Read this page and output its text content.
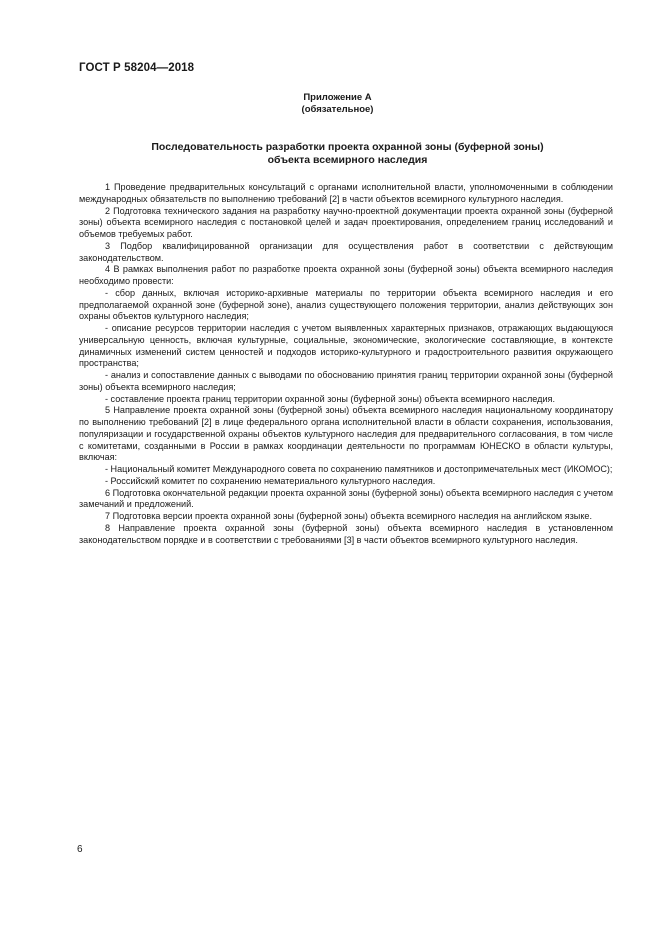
ГОСТ Р 58204—2018
Приложение А
(обязательное)
Последовательность разработки проекта охранной зоны (буферной зоны)
объекта всемирного наследия

1 Проведение предварительных консультаций с органами исполнительной власти, уполномоченными в соблюдении международных обязательств по выполнению требований [2] в части объектов всемирного культурного наследия.

2 Подготовка технического задания на разработку научно-проектной документации проекта охранной зоны (буферной зоны) объекта всемирного наследия с постановкой целей и задач проектирования, определением границ исследований и объемов требуемых работ.

3 Подбор квалифицированной организации для осуществления работ в соответствии с действующим законодательством.

4 В рамках выполнения работ по разработке проекта охранной зоны (буферной зоны) объекта всемирного наследия необходимо провести:

- сбор данных, включая историко-архивные материалы по территории объекта всемирного наследия и его предполагаемой охранной зоне (буферной зоне), анализ существующего положения территории, анализ действующих зон охраны объектов культурного наследия;

- описание ресурсов территории наследия с учетом выявленных характерных признаков, отражающих выдающуюся универсальную ценность, включая культурные, социальные, экономические, экологические составляющие, в контексте динамичных изменений систем ценностей и подходов историко-культурного и градостроительного развития окружающего пространства;

- анализ и сопоставление данных с выводами по обоснованию принятия границ территории охранной зоны (буферной зоны) объекта всемирного наследия;

- составление проекта границ территории охранной зоны (буферной зоны) объекта всемирного наследия.

5 Направление проекта охранной зоны (буферной зоны) объекта всемирного наследия национальному координатору по выполнению требований [2] в лице федерального органа исполнительной власти в области сохранения, использования, популяризации и государственной охраны объектов культурного наследия для предварительного согласования, в том числе с комитетами, созданными в России в рамках координации деятельности по программам ЮНЕСКО в области культуры, включая:

- Национальный комитет Международного совета по сохранению памятников и достопримечательных мест (ИКОМОС);

- Российский комитет по сохранению нематериального культурного наследия.

6 Подготовка окончательной редакции проекта охранной зоны (буферной зоны) объекта всемирного наследия с учетом замечаний и предложений.

7 Подготовка версии проекта охранной зоны (буферной зоны) объекта всемирного наследия на английском языке.

8 Направление проекта охранной зоны (буферной зоны) объекта всемирного наследия в установленном законодательством порядке и в соответствии с требованиями [3] в части объектов всемирного культурного наследия.

6
